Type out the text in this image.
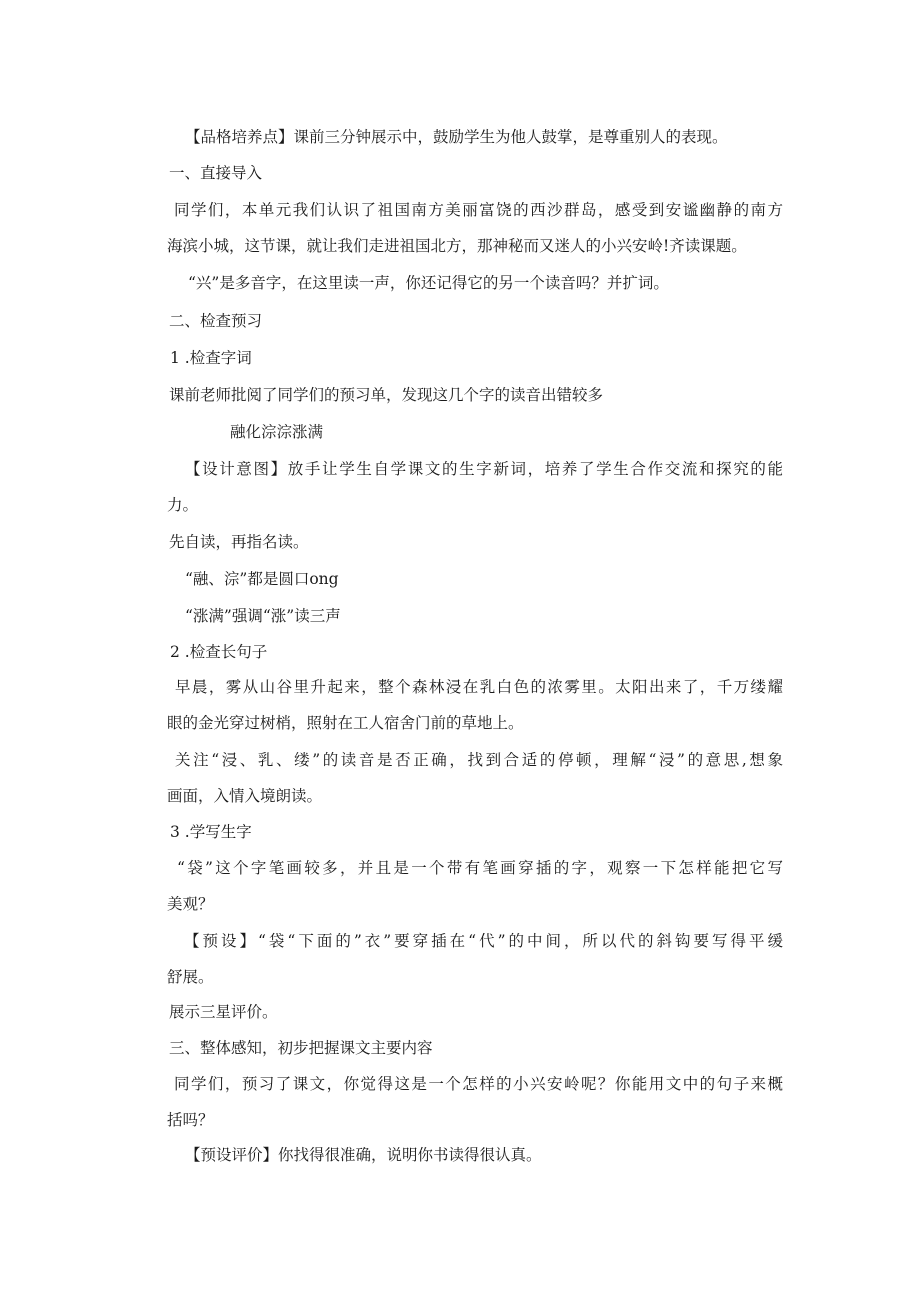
【品格培养点】课前三分钟展示中，鼓励学生为他人鼓掌，是尊重别人的表现。
一、直接导入
同学们，本单元我们认识了祖国南方美丽富饶的西沙群岛，感受到安谧幽静的南方
海滨小城，这节课，就让我们走进祖国北方，那神秘而又迷人的小兴安岭!齐读课题。
“兴”是多音字，在这里读一声，你还记得它的另一个读音吗？并扩词。
二、检查预习
1 .检查字词
课前老师批阅了同学们的预习单，发现这几个字的读音出错较多
融化淙淙涨满
【设计意图】放手让学生自学课文的生字新词，培养了学生合作交流和探究的能
力。
先自读，再指名读。
“融、淙”都是圆口ong
“涨满”强调“涨”读三声
2 .检查长句子
早晨，雾从山谷里升起来，整个森林浸在乳白色的浓雾里。太阳出来了，千万缕耀
眼的金光穿过树梢，照射在工人宿舍门前的草地上。
关注“浸、乳、缕”的读音是否正确，找到合适的停顿，理解“浸”的意思,想象
画面，入情入境朗读。
3 .学写生字
“袋”这个字笔画较多，并且是一个带有笔画穿插的字，观察一下怎样能把它写
美观？
【预设】“袋“下面的”衣”要穿插在“代”的中间，所以代的斜钩要写得平缓
舒展。
展示三星评价。
三、整体感知，初步把握课文主要内容
同学们，预习了课文，你觉得这是一个怎样的小兴安岭呢？你能用文中的句子来概
括吗？
【预设评价】你找得很准确，说明你书读得很认真。
